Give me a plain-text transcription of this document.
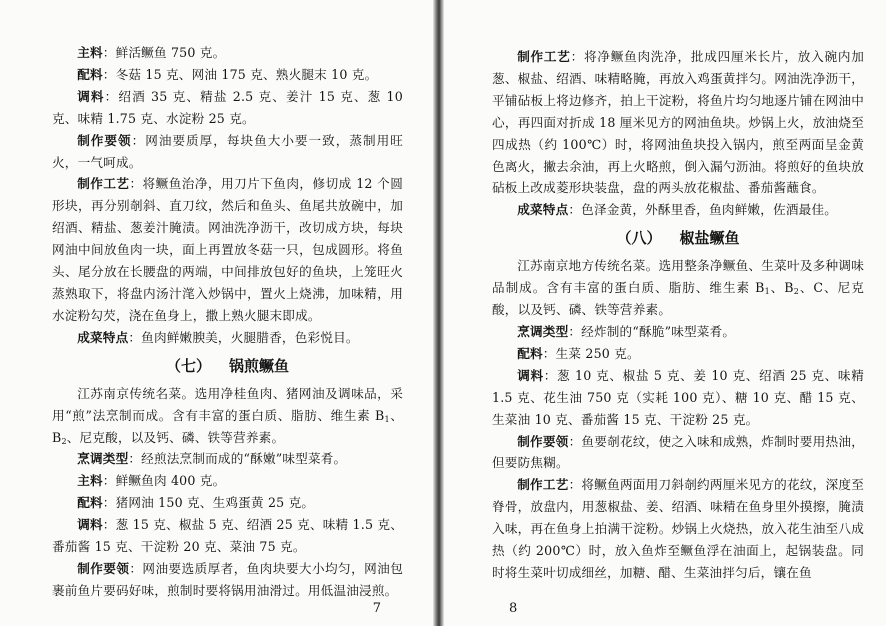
主料：鲜活鳜鱼 750 克。

配料：冬菇 15 克、网油 175 克、熟火腿末 10 克。

调料：绍酒 35 克、精盐 2.5 克、姜汁 15 克、葱 10 克、味精 1.75 克、水淀粉 25 克。

制作要领：网油要质厚，每块鱼大小要一致，蒸制用旺火，一气呵成。

制作工艺：将鳜鱼治净，用刀片下鱼肉，修切成 12 个圆形块，再分别剞斜、直刀纹，然后和鱼头、鱼尾共放碗中，加绍酒、精盐、葱姜汁腌渍。网油洗净沥干，改切成方块，每块网油中间放鱼肉一块，面上再置放冬菇一只，包成圆形。将鱼头、尾分放在长腰盘的两端，中间排放包好的鱼块，上笼旺火蒸熟取下，将盘内汤汁滗入炒锅中，置火上烧沸，加味精，用水淀粉勾芡，浇在鱼身上，撒上熟火腿末即成。

成菜特点：鱼肉鲜嫩腴美，火腿腊香，色彩悦目。

（七） 锅煎鳜鱼

江苏南京传统名菜。选用净桂鱼肉、猪网油及调味品，采用“煎”法烹制而成。含有丰富的蛋白质、脂肪、维生素 $B_1$、$B_2$、尼克酸，以及钙、磷、铁等营养素。

烹调类型：经煎法烹制而成的“酥嫩”味型菜肴。

主料：鲜鳜鱼肉 400 克。

配料：猪网油 150 克、生鸡蛋黄 25 克。

调料：葱 15 克、椒盐 5 克、绍酒 25 克、味精 1.5 克、番茄酱 15 克、干淀粉 20 克、菜油 75 克。

制作要领：网油要选质厚者，鱼肉块要大小均匀，网油包裹前鱼片要码好味，煎制时要将锅用油滑过。用低温油浸煎。

7

制作工艺：将净鳜鱼肉洗净，批成四厘米长片，放入碗内加葱、椒盐、绍酒、味精略腌，再放入鸡蛋黄拌匀。网油洗净沥干，平铺砧板上将边修齐，拍上干淀粉，将鱼片均匀地逐片铺在网油中心，再四面对折成 18 厘米见方的网油鱼块。炒锅上火，放油烧至四成热（约 100℃）时，将网油鱼块投入锅内，煎至两面呈金黄色离火，撇去余油，再上火略煎，倒入漏勺沥油。将煎好的鱼块放砧板上改成菱形块装盘，盘的两头放花椒盐、番茄酱蘸食。

成菜特点：色泽金黄，外酥里香，鱼肉鲜嫩，佐酒最佳。

（八） 椒盐鳜鱼

江苏南京地方传统名菜。选用整条净鳜鱼、生菜叶及多种调味品制成。含有丰富的蛋白质、脂肪、维生素 $B_1$、$B_2$、C、尼克酸，以及钙、磷、铁等营养素。

烹调类型：经炸制的“酥脆”味型菜肴。

配料：生菜 250 克。

调料：葱 10 克、椒盐 5 克、姜 10 克、绍酒 25 克、味精 1.5 克、花生油 750 克（实耗 100 克）、糖 10 克、醋 15 克、生菜油 10 克、番茄酱 15 克、干淀粉 25 克。

制作要领：鱼要剞花纹，使之入味和成熟，炸制时要用热油，但要防焦糊。

制作工艺：将鳜鱼两面用刀斜剞约两厘米见方的花纹，深度至脊骨，放盘内，用葱椒盐、姜、绍酒、味精在鱼身里外摸擦，腌渍入味，再在鱼身上拍满干淀粉。炒锅上火烧热，放入花生油至八成热（约 200℃）时，放入鱼炸至鳜鱼浮在油面上，起锅装盘。同时将生菜叶切成细丝，加糖、醋、生菜油拌匀后，镶在鱼

8
